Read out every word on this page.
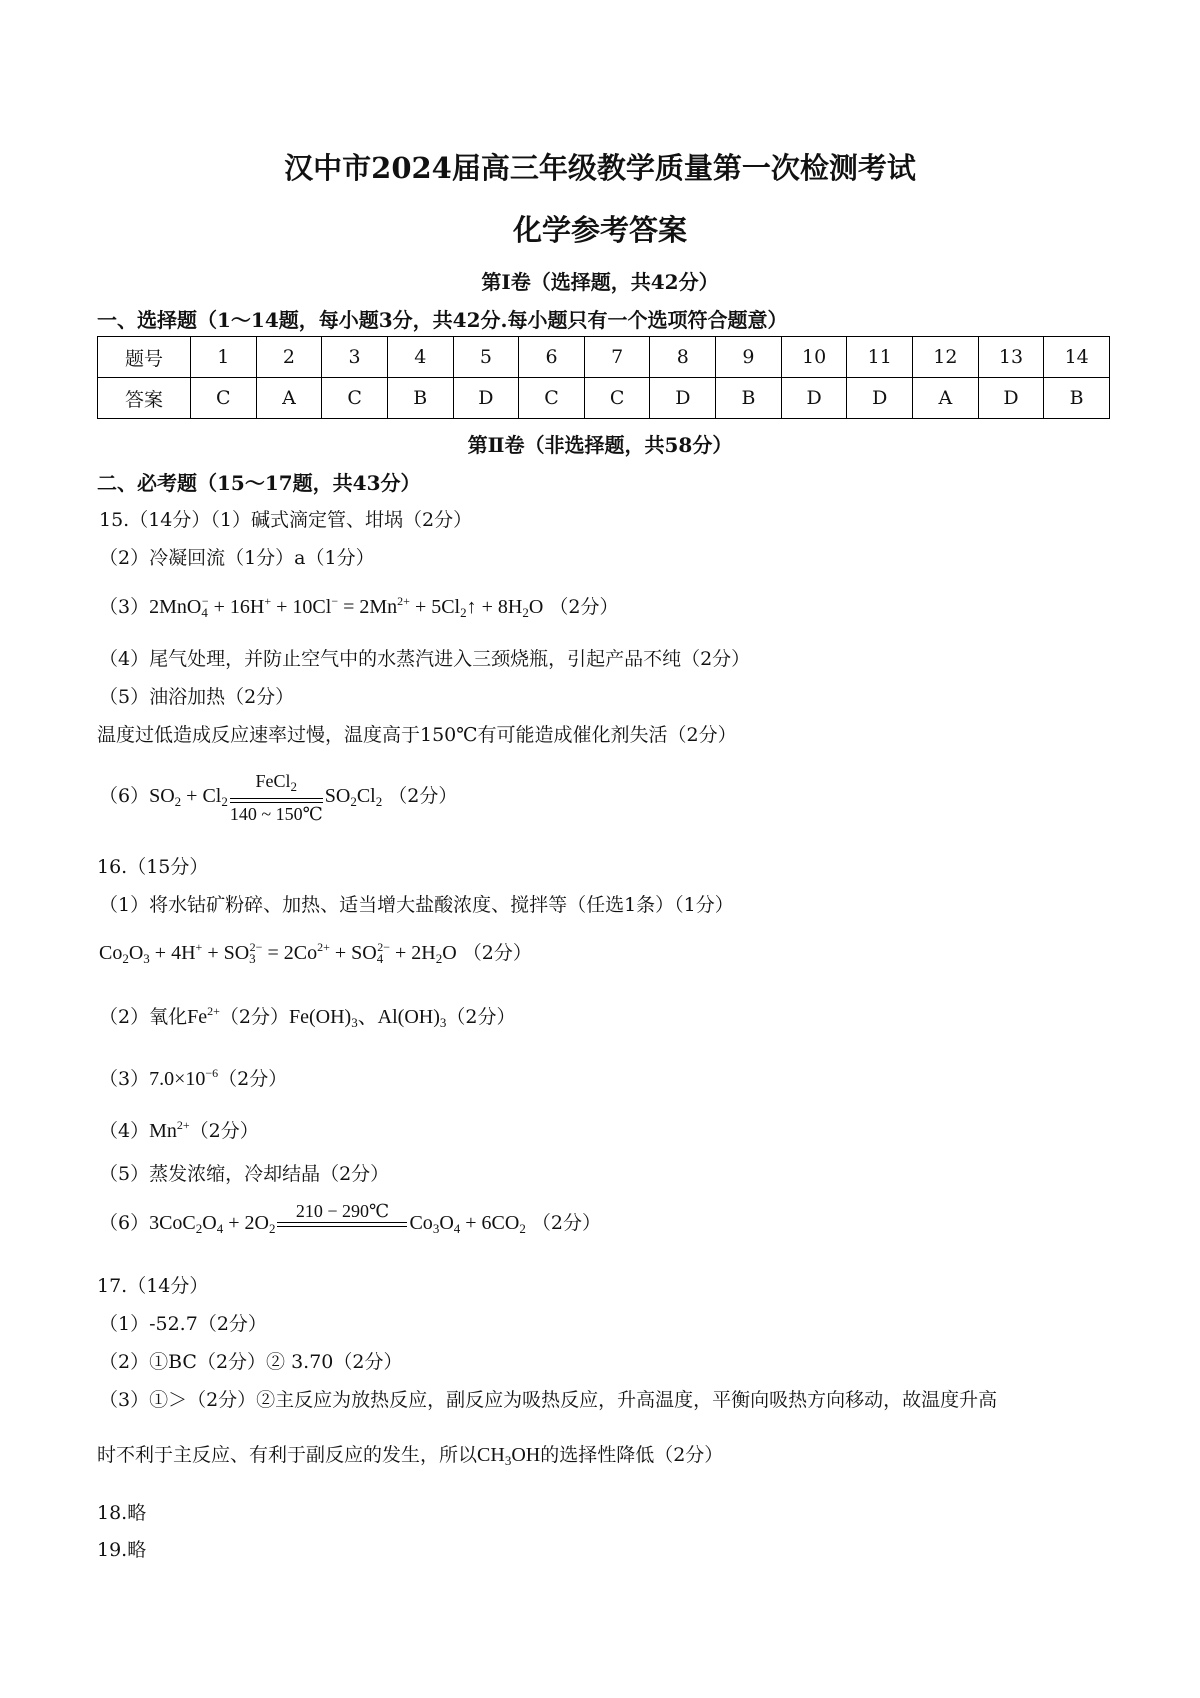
汉中市2024届高三年级教学质量第一次检测考试
化学参考答案
第Ⅰ卷（选择题，共42分）
一、选择题（1～14题，每小题3分，共42分.每小题只有一个选项符合题意）
题号	1	2	3	4	5	6	7	8	9	10	11	12	13	14
答案	C	A	C	B	D	C	C	D	B	D	D	A	D	B
第Ⅱ卷（非选择题，共58分）
二、必考题（15～17题，共43分）
15.（14分）（1）碱式滴定管、坩埚（2分）
（2）冷凝回流（1分）a（1分）
$(3)2MnO_4^- + 16H^+ + 10Cl^- = 2Mn^{2+}$ + $5Cl_2↑ + 8H_2O$ （2分）
（4）尾气处理，并防止空气中的水蒸汽进入三颈烧瓶，引起产品不纯（2分）
（5）油浴加热（2分）
温度过低造成反应速率过慢，温度高于150℃有可能造成催化剂失活（2分）
$(6)SO_2 + Cl_2$
FeCl$_2$
140 ~ 150℃
$SO_2Cl_2$ （2分）
16.（15分）
（1）将水钴矿粉碎、加热、适当增大盐酸浓度、搅拌等（任选1条）（1分）
$Co_2O_3 + 4H^+ + SO_3^{2-} = 2Co^{2+} + SO_4^{2-} + 2H_2O$ （2分）
（2）氧化$Fe^{2+}(2$分）$Fe(OH)_3$、$Al(OH)_3(2$分）
$(3)7.0\times 10^{-6}(2$分）
$(4)Mn^{2+}(2$分）
（5）蒸发浓缩，冷却结晶（2分）
$(6)3CoC_2O_4 + 2O_2$
210 − 290℃

$Co_3O_4 + 6CO_2$ （2分）
17.（14分）
（1）-52.7（2分）
（2）①BC（2分）② 3.70（2分）
（3）①＞（2分）②主反应为放热反应，副反应为吸热反应，升高温度，平衡向吸热方向移动，故温度升高
时不利于主反应、有利于副反应的发生，所以$CH_3OH$的选择性降低（2分）
18.略
19.略
